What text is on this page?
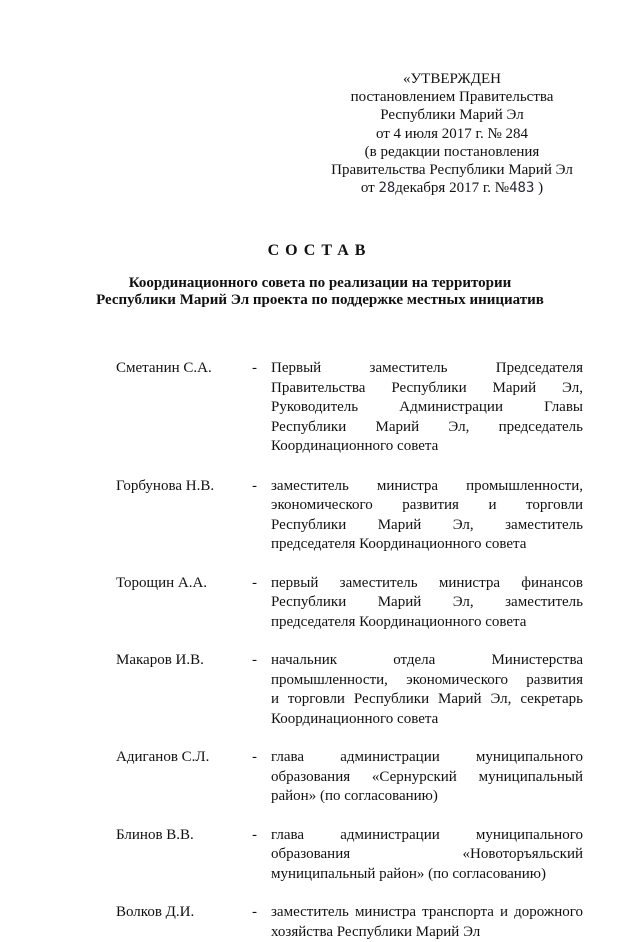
«УТВЕРЖДЕН
постановлением Правительства
Республики Марий Эл
от 4 июля 2017 г. № 284
(в редакции постановления
Правительства Республики Марий Эл
от 28декабря 2017 г. №483 )
СОСТАВ
Координационного совета по реализации на территории
Республики Марий Эл проекта по поддержке местных инициатив
Сметанин С.А.	- Первый заместитель Председателя
Правительства Республики Марий Эл,
Руководитель Администрации Главы
Республики Марий Эл, председатель
Координационного совета
Горбунова Н.В.	- заместитель министра промышленности,
экономического развития и торговли
Республики Марий Эл, заместитель
председателя Координационного совета
Торощин А.А.	- первый заместитель министра финансов
Республики Марий Эл, заместитель
председателя Координационного совета
Макаров И.В.	- начальник отдела Министерства
промышленности, экономического развития
и торговли Республики Марий Эл, секретарь
Координационного совета
Адиганов С.Л.	- глава администрации муниципального
образования «Сернурский муниципальный
район» (по согласованию)
Блинов В.В.	- глава администрации муниципального
образования «Новоторъяльский
муниципальный район» (по согласованию)
Волков Д.И.	- заместитель министра транспорта и дорожного
хозяйства Республики Марий Эл
